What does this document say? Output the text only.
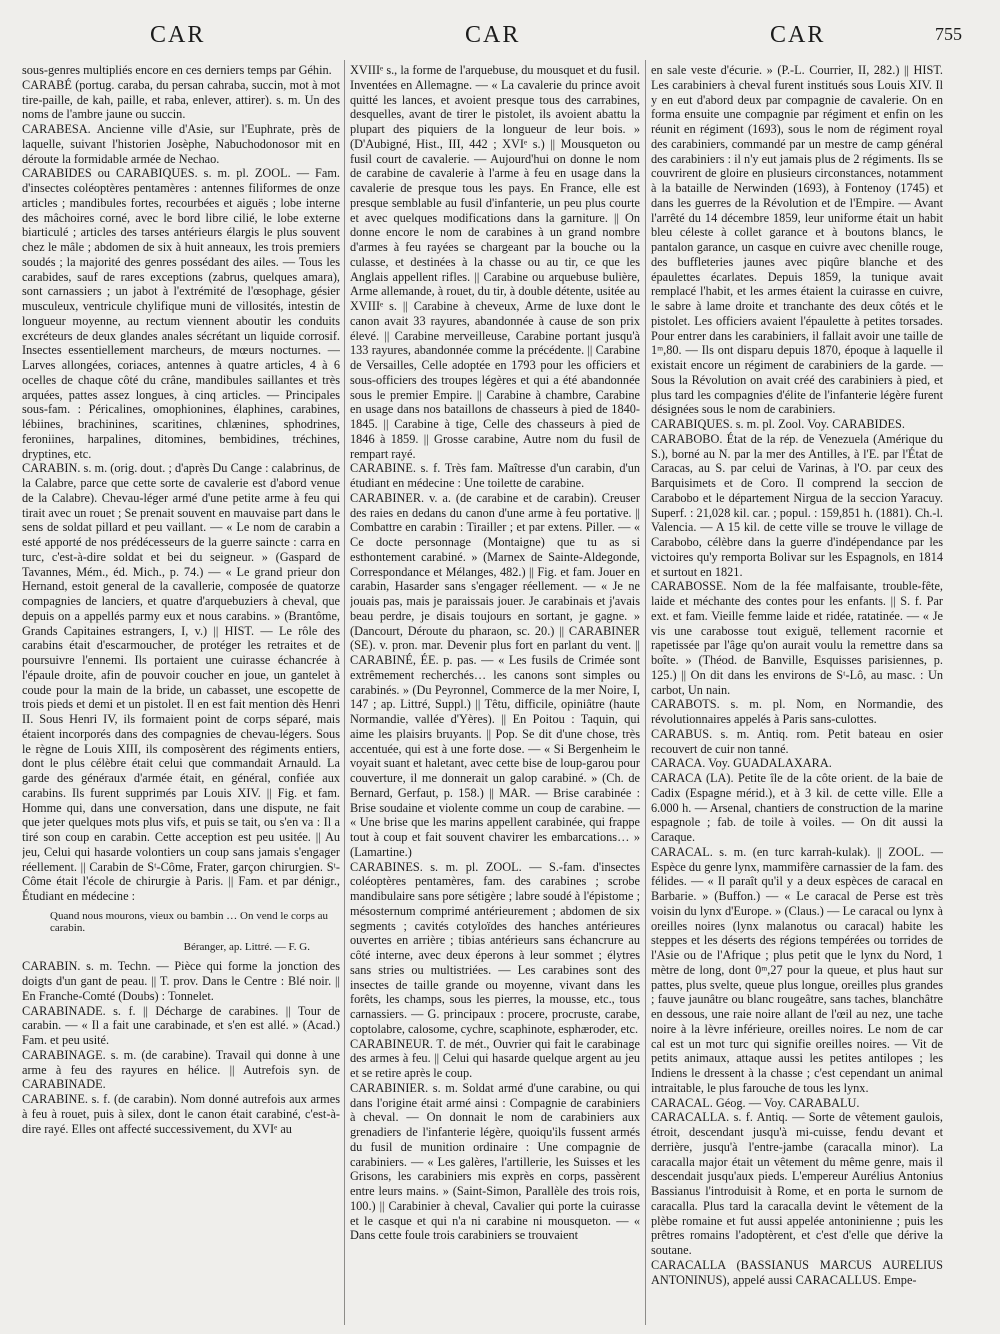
CAR	CAR	CAR	755

sous-genres multipliés encore en ces derniers temps par Géhin.

CARABÉ (portug. caraba, du persan cahraba, succin, mot à mot tire-paille, de kah, paille, et raba, enlever, attirer). s. m. Un des noms de l'ambre jaune ou succin.

CARABESA. Ancienne ville d'Asie, sur l'Euphrate, près de laquelle, suivant l'historien Josèphe, Nabuchodonosor mit en déroute la formidable armée de Nechao.

CARABIDES ou CARABIQUES. s. m. pl. ZOOL. — Fam. d'insectes coléoptères pentamères : antennes filiformes de onze articles ; mandibules fortes, recourbées et aiguës ; lobe interne des mâchoires corné, avec le bord libre cilié, le lobe externe biarticulé ; articles des tarses antérieurs élargis le plus souvent chez le mâle ; abdomen de six à huit anneaux, les trois premiers soudés ; la majorité des genres possédant des ailes. — Tous les carabides, sauf de rares exceptions (zabrus, quelques amara), sont carnassiers ; un jabot à l'extrémité de l'œsophage, gésier musculeux, ventricule chylifique muni de villosités, intestin de longueur moyenne, au rectum viennent aboutir les conduits excréteurs de deux glandes anales sécrétant un liquide corrosif. Insectes essentiellement marcheurs, de mœurs nocturnes. — Larves allongées, coriaces, antennes à quatre articles, 4 à 6 ocelles de chaque côté du crâne, mandibules saillantes et très arquées, pattes assez longues, à cinq articles. — Principales sous-fam. : Péricalines, omophionines, élaphines, carabines, lébiines, brachinines, scaritines, chlænines, sphodrines, feroniines, harpalines, ditomines, bembidines, tréchines, dryptines, etc.

CARABIN. s. m. (orig. dout. ; d'après Du Cange : calabrinus, de la Calabre, parce que cette sorte de cavalerie est d'abord venue de la Calabre). Chevau-léger armé d'une petite arme à feu qui tirait avec un rouet ; Se prenait souvent en mauvaise part dans le sens de soldat pillard et peu vaillant. — « Le nom de carabin a esté apporté de nos prédécesseurs de la guerre saincte : carra en turc, c'est-à-dire soldat et bei du seigneur. » (Gaspard de Tavannes, Mém., éd. Mich., p. 74.) — « Le grand prieur don Hernand, estoit general de la cavallerie, composée de quatorze compagnies de lanciers, et quatre d'arquebuziers à cheval, que depuis on a appellés parmy eux et nous carabins. » (Brantôme, Grands Capitaines estrangers, I, v.) || HIST. — Le rôle des carabins était d'escarmoucher, de protéger les retraites et de poursuivre l'ennemi. Ils portaient une cuirasse échancrée à l'épaule droite, afin de pouvoir coucher en joue, un gantelet à coude pour la main de la bride, un cabasset, une escopette de trois pieds et demi et un pistolet. Il en est fait mention dès Henri II. Sous Henri IV, ils formaient point de corps séparé, mais étaient incorporés dans des compagnies de chevau-légers. Sous le règne de Louis XIII, ils composèrent des régiments entiers, dont le plus célèbre était celui que commandait Arnauld. La garde des généraux d'armée était, en général, confiée aux carabins. Ils furent supprimés par Louis XIV. || Fig. et fam. Homme qui, dans une conversation, dans une dispute, ne fait que jeter quelques mots plus vifs, et puis se tait, ou s'en va : Il a tiré son coup en carabin. Cette acception est peu usitée. || Au jeu, Celui qui hasarde volontiers un coup sans jamais s'engager réellement. || Carabin de Sᵗ-Côme, Frater, garçon chirurgien. Sᵗ-Côme était l'école de chirurgie à Paris. || Fam. et par dénigr., Étudiant en médecine :

Quand nous mourons, vieux ou bambin … On vend le corps au carabin.

Béranger, ap. Littré. — F. G.

CARABIN. s. m. Techn. — Pièce qui forme la jonction des doigts d'un gant de peau. || T. prov. Dans le Centre : Blé noir. || En Franche-Comté (Doubs) : Tonnelet.

CARABINADE. s. f. || Décharge de carabines. || Tour de carabin. — « Il a fait une carabinade, et s'en est allé. » (Acad.) Fam. et peu usité.

CARABINAGE. s. m. (de carabine). Travail qui donne à une arme à feu des rayures en hélice. || Autrefois syn. de CARABINADE.

CARABINE. s. f. (de carabin). Nom donné autrefois aux armes à feu à rouet, puis à silex, dont le canon était carabiné, c'est-à-dire rayé. Elles ont affecté successivement, du XVIᵉ au

XVIIIᵉ s., la forme de l'arquebuse, du mousquet et du fusil. Inventées en Allemagne. — « La cavalerie du prince avoit quitté les lances, et avoient presque tous des carrabines, desquelles, avant de tirer le pistolet, ils avoient abattu la plupart des piquiers de la longueur de leur bois. » (D'Aubigné, Hist., III, 442 ; XVIᵉ s.) || Mousqueton ou fusil court de cavalerie. — Aujourd'hui on donne le nom de carabine de cavalerie à l'arme à feu en usage dans la cavalerie de presque tous les pays. En France, elle est presque semblable au fusil d'infanterie, un peu plus courte et avec quelques modifications dans la garniture. || On donne encore le nom de carabines à un grand nombre d'armes à feu rayées se chargeant par la bouche ou la culasse, et destinées à la chasse ou au tir, ce que les Anglais appellent rifles. || Carabine ou arquebuse bulière, Arme allemande, à rouet, du tir, à double détente, usitée au XVIIIᵉ s. || Carabine à cheveux, Arme de luxe dont le canon avait 33 rayures, abandonnée à cause de son prix élevé. || Carabine merveilleuse, Carabine portant jusqu'à 133 rayures, abandonnée comme la précédente. || Carabine de Versailles, Celle adoptée en 1793 pour les officiers et sous-officiers des troupes légères et qui a été abandonnée sous le premier Empire. || Carabine à chambre, Carabine en usage dans nos bataillons de chasseurs à pied de 1840-1845. || Carabine à tige, Celle des chasseurs à pied de 1846 à 1859. || Grosse carabine, Autre nom du fusil de rempart rayé.

CARABINE. s. f. Très fam. Maîtresse d'un carabin, d'un étudiant en médecine : Une toilette de carabine.

CARABINER. v. a. (de carabine et de carabin). Creuser des raies en dedans du canon d'une arme à feu portative. || Combattre en carabin : Tirailler ; et par extens. Piller. — « Ce docte personnage (Montaigne) que tu as si esthontement carabiné. » (Marnex de Sainte-Aldegonde, Correspondance et Mélanges, 482.) || Fig. et fam. Jouer en carabin, Hasarder sans s'engager réellement. — « Je ne jouais pas, mais je paraissais jouer. Je carabinais et j'avais beau perdre, je disais toujours en sortant, je gagne. » (Dancourt, Déroute du pharaon, sc. 20.) || CARABINER (SE). v. pron. mar. Devenir plus fort en parlant du vent. || CARABINÉ, ÉE. p. pas. — « Les fusils de Crimée sont extrêmement recherchés… les canons sont simples ou carabinés. » (Du Peyronnel, Commerce de la mer Noire, I, 147 ; ap. Littré, Suppl.) || Têtu, difficile, opiniâtre (haute Normandie, vallée d'Yères). || En Poitou : Taquin, qui aime les plaisirs bruyants. || Pop. Se dit d'une chose, très accentuée, qui est à une forte dose. — « Si Bergenheim le voyait suant et haletant, avec cette bise de loup-garou pour couverture, il me donnerait un galop carabiné. » (Ch. de Bernard, Gerfaut, p. 158.) || MAR. — Brise carabinée : Brise soudaine et violente comme un coup de carabine. — « Une brise que les marins appellent carabinée, qui frappe tout à coup et fait souvent chavirer les embarcations… » (Lamartine.)

CARABINES. s. m. pl. ZOOL. — S.-fam. d'insectes coléoptères pentamères, fam. des carabines ; scrobe mandibulaire sans pore sétigère ; labre soudé à l'épistome ; mésosternum comprimé antérieurement ; abdomen de six segments ; cavités cotyloïdes des hanches antérieures ouvertes en arrière ; tibias antérieurs sans échancrure au côté interne, avec deux éperons à leur sommet ; élytres sans stries ou multistriées. — Les carabines sont des insectes de taille grande ou moyenne, vivant dans les forêts, les champs, sous les pierres, la mousse, etc., tous carnassiers. — G. principaux : procere, procruste, carabe, coptolabre, calosome, cychre, scaphinote, esphæroder, etc.

CARABINEUR. T. de mét., Ouvrier qui fait le carabinage des armes à feu. || Celui qui hasarde quelque argent au jeu et se retire après le coup.

CARABINIER. s. m. Soldat armé d'une carabine, ou qui dans l'origine était armé ainsi : Compagnie de carabiniers à cheval. — On donnait le nom de carabiniers aux grenadiers de l'infanterie légère, quoiqu'ils fussent armés du fusil de munition ordinaire : Une compagnie de carabiniers. — « Les galères, l'artillerie, les Suisses et les Grisons, les carabiniers mis exprès en corps, passèrent entre leurs mains. » (Saint-Simon, Parallèle des trois rois, 100.) || Carabinier à cheval, Cavalier qui porte la cuirasse et le casque et qui n'a ni carabine ni mousqueton. — « Dans cette foule trois carabiniers se trouvaient

en sale veste d'écurie. » (P.-L. Courrier, II, 282.) || HIST. Les carabiniers à cheval furent institués sous Louis XIV. Il y en eut d'abord deux par compagnie de cavalerie. On en forma ensuite une compagnie par régiment et enfin on les réunit en régiment (1693), sous le nom de régiment royal des carabiniers, commandé par un mestre de camp général des carabiniers : il n'y eut jamais plus de 2 régiments. Ils se couvrirent de gloire en plusieurs circonstances, notamment à la bataille de Nerwinden (1693), à Fontenoy (1745) et dans les guerres de la Révolution et de l'Empire. — Avant l'arrêté du 14 décembre 1859, leur uniforme était un habit bleu céleste à collet garance et à boutons blancs, le pantalon garance, un casque en cuivre avec chenille rouge, des buffleteries jaunes avec piqûre blanche et des épaulettes écarlates. Depuis 1859, la tunique avait remplacé l'habit, et les armes étaient la cuirasse en cuivre, le sabre à lame droite et tranchante des deux côtés et le pistolet. Les officiers avaient l'épaulette à petites torsades. Pour entrer dans les carabiniers, il fallait avoir une taille de 1ᵐ,80. — Ils ont disparu depuis 1870, époque à laquelle il existait encore un régiment de carabiniers de la garde. — Sous la Révolution on avait créé des carabiniers à pied, et plus tard les compagnies d'élite de l'infanterie légère furent désignées sous le nom de carabiniers.

CARABIQUES. s. m. pl. Zool. Voy. CARABIDES.

CARABOBO. État de la rép. de Venezuela (Amérique du S.), borné au N. par la mer des Antilles, à l'E. par l'État de Caracas, au S. par celui de Varinas, à l'O. par ceux des Barquisimets et de Coro. Il comprend la seccion de Carabobo et le département Nirgua de la seccion Yaracuy. Superf. : 21,028 kil. car. ; popul. : 159,851 h. (1881). Ch.-l. Valencia. — A 15 kil. de cette ville se trouve le village de Carabobo, célèbre dans la guerre d'indépendance par les victoires qu'y remporta Bolivar sur les Espagnols, en 1814 et surtout en 1821.

CARABOSSE. Nom de la fée malfaisante, trouble-fête, laide et méchante des contes pour les enfants. || S. f. Par ext. et fam. Vieille femme laide et ridée, ratatinée. — « Je vis une carabosse tout exiguë, tellement racornie et rapetissée par l'âge qu'on aurait voulu la remettre dans sa boîte. » (Théod. de Banville, Esquisses parisiennes, p. 125.) || On dit dans les environs de Sᵗ-Lô, au masc. : Un carbot, Un nain.

CARABOTS. s. m. pl. Nom, en Normandie, des révolutionnaires appelés à Paris sans-culottes.

CARABUS. s. m. Antiq. rom. Petit bateau en osier recouvert de cuir non tanné.

CARACA. Voy. GUADALAXARA.

CARACA (LA). Petite île de la côte orient. de la baie de Cadix (Espagne mérid.), et à 3 kil. de cette ville. Elle a 6.000 h. — Arsenal, chantiers de construction de la marine espagnole ; fab. de toile à voiles. — On dit aussi la Caraque.

CARACAL. s. m. (en turc karrah-kulak). || ZOOL. — Espèce du genre lynx, mammifère carnassier de la fam. des félides. — « Il paraît qu'il y a deux espèces de caracal en Barbarie. » (Buffon.) — « Le caracal de Perse est très voisin du lynx d'Europe. » (Claus.) — Le caracal ou lynx à oreilles noires (lynx malanotus ou caracal) habite les steppes et les déserts des régions tempérées ou torrides de l'Asie ou de l'Afrique ; plus petit que le lynx du Nord, 1 mètre de long, dont 0ᵐ,27 pour la queue, et plus haut sur pattes, plus svelte, queue plus longue, oreilles plus grandes ; fauve jaunâtre ou blanc rougeâtre, sans taches, blanchâtre en dessous, une raie noire allant de l'œil au nez, une tache noire à la lèvre inférieure, oreilles noires. Le nom de car cal est un mot turc qui signifie oreilles noires. — Vit de petits animaux, attaque aussi les petites antilopes ; les Indiens le dressent à la chasse ; c'est cependant un animal intraitable, le plus farouche de tous les lynx.

CARACAL. Géog. — Voy. CARABALU.

CARACALLA. s. f. Antiq. — Sorte de vêtement gaulois, étroit, descendant jusqu'à mi-cuisse, fendu devant et derrière, jusqu'à l'entre-jambe (caracalla minor). La caracalla major était un vêtement du même genre, mais il descendait jusqu'aux pieds. L'empereur Aurélius Antonius Bassianus l'introduisit à Rome, et en porta le surnom de caracalla. Plus tard la caracalla devint le vêtement de la plèbe romaine et fut aussi appelée antoninienne ; puis les prêtres romains l'adoptèrent, et c'est d'elle que dérive la soutane.

CARACALLA (BASSIANUS MARCUS AURELIUS ANTONINUS), appelé aussi CARACALLUS. Empe-
